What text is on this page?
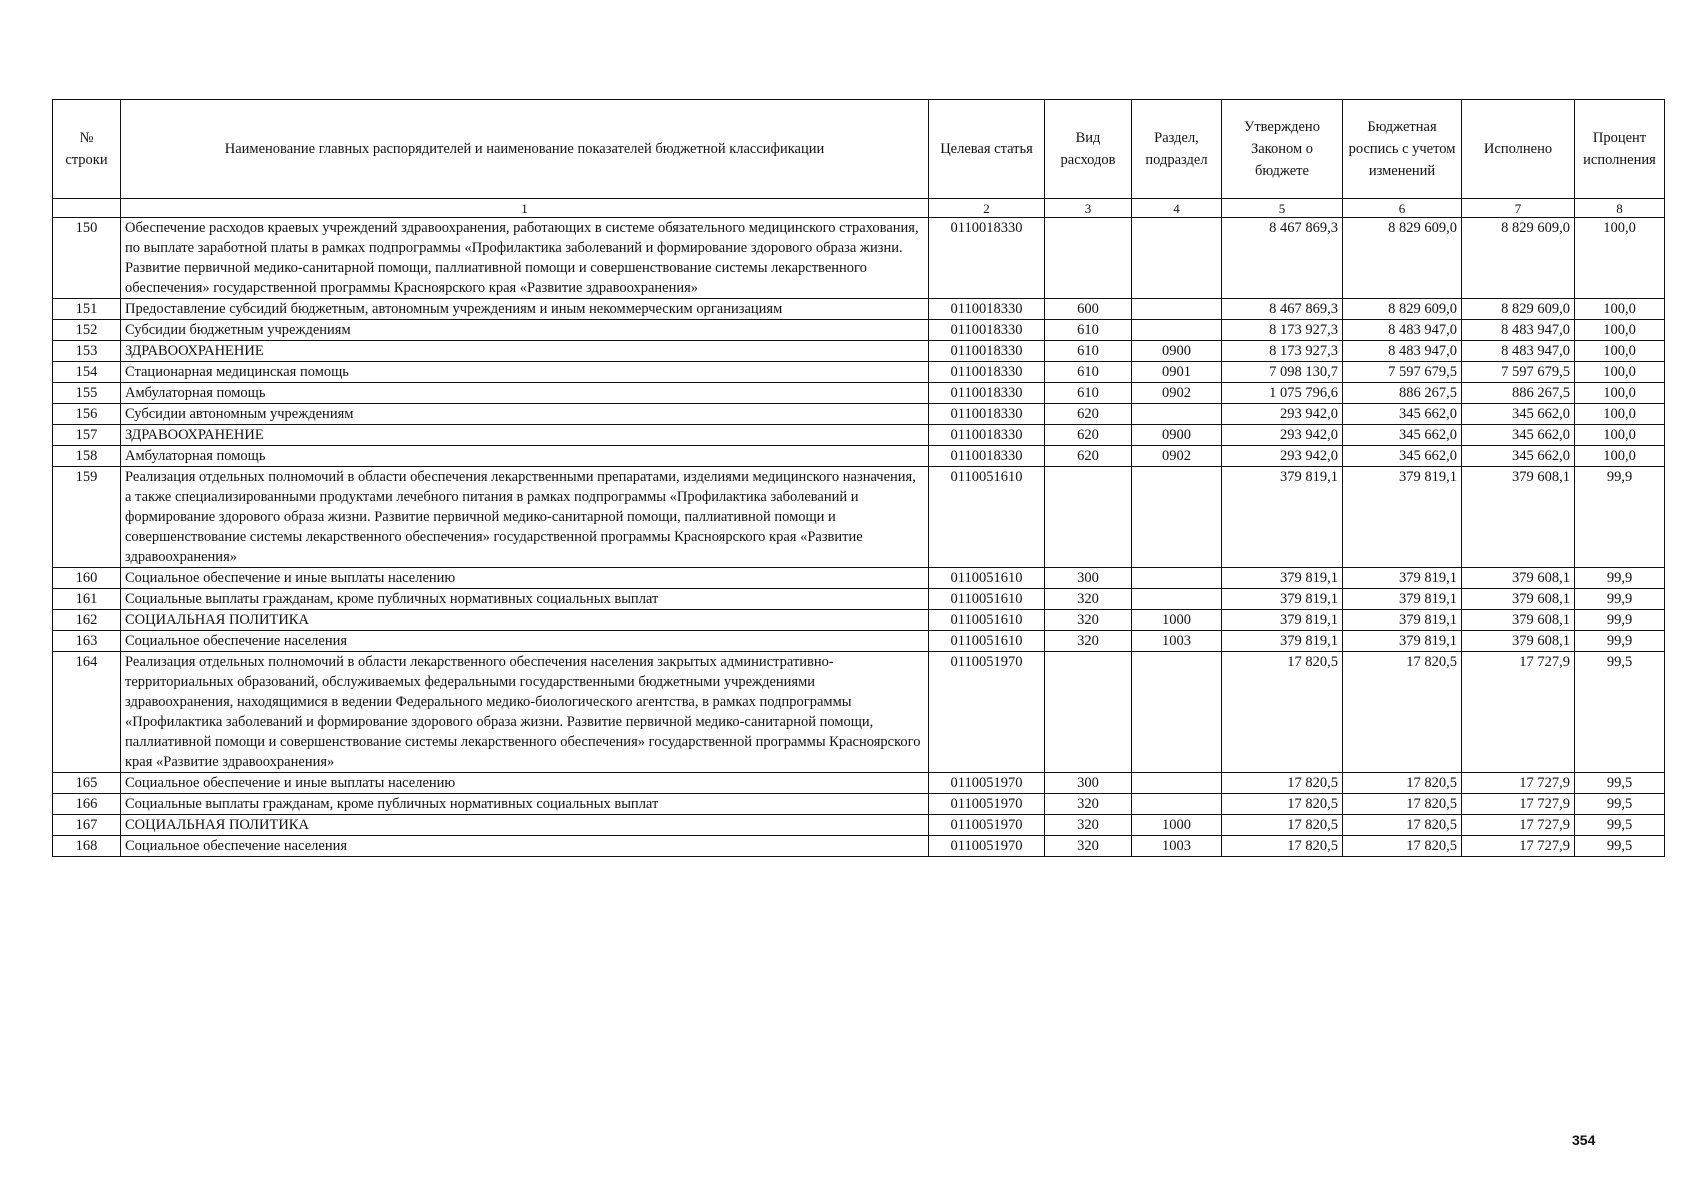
№ строки	Наименование главных распорядителей и наименование показателей бюджетной классификации	Целевая статья	Вид расходов	Раздел, подраздел	Утверждено Законом о бюджете	Бюджетная роспись с учетом изменений	Исполнено	Процент исполнения
	1	2	3	4	5	6	7	8
150	Обеспечение расходов краевых учреждений здравоохранения, работающих в системе обязательного медицинского страхования, по выплате заработной платы в рамках подпрограммы «Профилактика заболеваний и формирование здорового образа жизни. Развитие первичной медико-санитарной помощи, паллиативной помощи и совершенствование системы лекарственного обеспечения» государственной программы Красноярского края «Развитие здравоохранения»	0110018330			8 467 869,3	8 829 609,0	8 829 609,0	100,0
151	Предоставление субсидий бюджетным, автономным учреждениям и иным некоммерческим организациям	0110018330	600		8 467 869,3	8 829 609,0	8 829 609,0	100,0
152	Субсидии бюджетным учреждениям	0110018330	610		8 173 927,3	8 483 947,0	8 483 947,0	100,0
153	ЗДРАВООХРАНЕНИЕ	0110018330	610	0900	8 173 927,3	8 483 947,0	8 483 947,0	100,0
154	Стационарная медицинская помощь	0110018330	610	0901	7 098 130,7	7 597 679,5	7 597 679,5	100,0
155	Амбулаторная помощь	0110018330	610	0902	1 075 796,6	886 267,5	886 267,5	100,0
156	Субсидии автономным учреждениям	0110018330	620		293 942,0	345 662,0	345 662,0	100,0
157	ЗДРАВООХРАНЕНИЕ	0110018330	620	0900	293 942,0	345 662,0	345 662,0	100,0
158	Амбулаторная помощь	0110018330	620	0902	293 942,0	345 662,0	345 662,0	100,0
159	Реализация отдельных полномочий в области обеспечения лекарственными препаратами, изделиями медицинского назначения, а также специализированными продуктами лечебного питания в рамках подпрограммы «Профилактика заболеваний и формирование здорового образа жизни. Развитие первичной медико-санитарной помощи, паллиативной помощи и совершенствование системы лекарственного обеспечения» государственной программы Красноярского края «Развитие здравоохранения»	0110051610			379 819,1	379 819,1	379 608,1	99,9
160	Социальное обеспечение и иные выплаты населению	0110051610	300		379 819,1	379 819,1	379 608,1	99,9
161	Социальные выплаты гражданам, кроме публичных нормативных социальных выплат	0110051610	320		379 819,1	379 819,1	379 608,1	99,9
162	СОЦИАЛЬНАЯ ПОЛИТИКА	0110051610	320	1000	379 819,1	379 819,1	379 608,1	99,9
163	Социальное обеспечение населения	0110051610	320	1003	379 819,1	379 819,1	379 608,1	99,9
164	Реализация отдельных полномочий в области лекарственного обеспечения населения закрытых административно-территориальных образований, обслуживаемых федеральными государственными бюджетными учреждениями здравоохранения, находящимися в ведении Федерального медико-биологического агентства, в рамках подпрограммы «Профилактика заболеваний и формирование здорового образа жизни. Развитие первичной медико-санитарной помощи, паллиативной помощи и совершенствование системы лекарственного обеспечения» государственной программы Красноярского края «Развитие здравоохранения»	0110051970			17 820,5	17 820,5	17 727,9	99,5
165	Социальное обеспечение и иные выплаты населению	0110051970	300		17 820,5	17 820,5	17 727,9	99,5
166	Социальные выплаты гражданам, кроме публичных нормативных социальных выплат	0110051970	320		17 820,5	17 820,5	17 727,9	99,5
167	СОЦИАЛЬНАЯ ПОЛИТИКА	0110051970	320	1000	17 820,5	17 820,5	17 727,9	99,5
168	Социальное обеспечение населения	0110051970	320	1003	17 820,5	17 820,5	17 727,9	99,5
354
